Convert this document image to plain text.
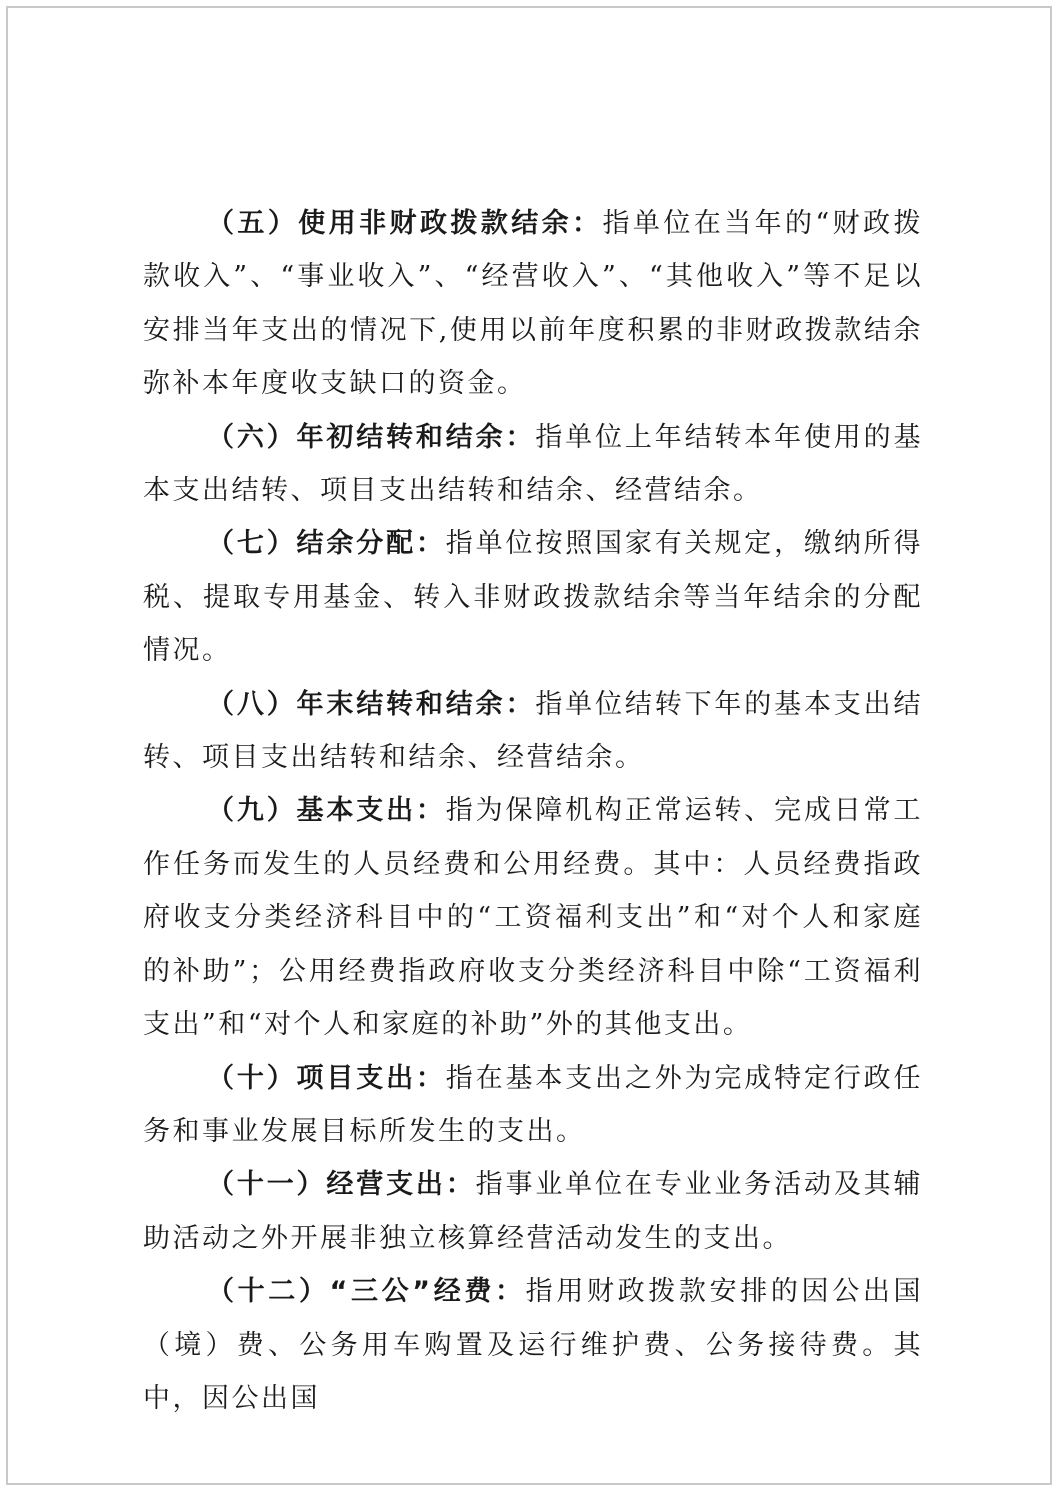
（五）使用非财政拨款结余：指单位在当年的“财政拨款收入”、“事业收入”、“经营收入”、“其他收入”等不足以安排当年支出的情况下,使用以前年度积累的非财政拨款结余弥补本年度收支缺口的资金。

（六）年初结转和结余：指单位上年结转本年使用的基本支出结转、项目支出结转和结余、经营结余。

（七）结余分配：指单位按照国家有关规定，缴纳所得税、提取专用基金、转入非财政拨款结余等当年结余的分配情况。

（八）年末结转和结余：指单位结转下年的基本支出结转、项目支出结转和结余、经营结余。

（九）基本支出：指为保障机构正常运转、完成日常工作任务而发生的人员经费和公用经费。其中：人员经费指政府收支分类经济科目中的“工资福利支出”和“对个人和家庭的补助”；公用经费指政府收支分类经济科目中除“工资福利支出”和“对个人和家庭的补助”外的其他支出。

（十）项目支出：指在基本支出之外为完成特定行政任务和事业发展目标所发生的支出。

（十一）经营支出：指事业单位在专业业务活动及其辅助活动之外开展非独立核算经营活动发生的支出。

（十二）“三公”经费：指用财政拨款安排的因公出国（境）费、公务用车购置及运行维护费、公务接待费。其中，因公出国
